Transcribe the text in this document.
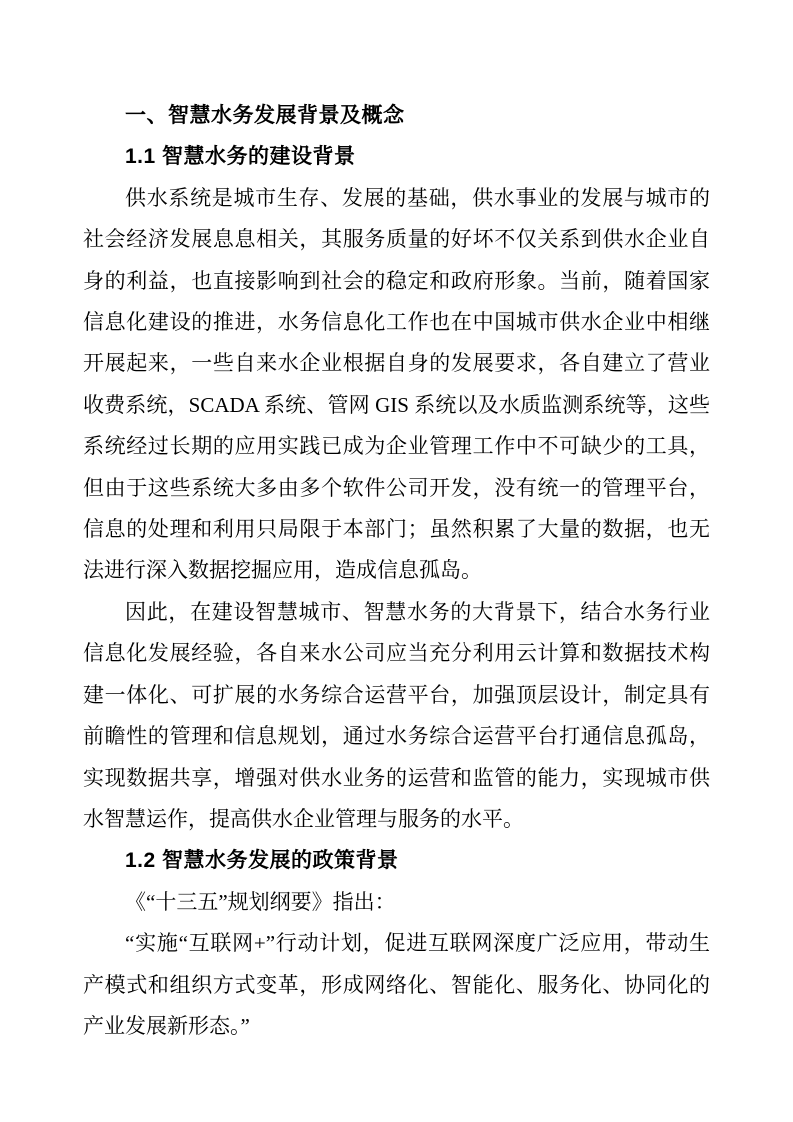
一、智慧水务发展背景及概念
1.1 智慧水务的建设背景

供水系统是城市生存、发展的基础，供水事业的发展与城市的社会经济发展息息相关，其服务质量的好坏不仅关系到供水企业自身的利益，也直接影响到社会的稳定和政府形象。当前，随着国家信息化建设的推进，水务信息化工作也在中国城市供水企业中相继开展起来，一些自来水企业根据自身的发展要求，各自建立了营业收费系统，SCADA 系统、管网 GIS 系统以及水质监测系统等，这些系统经过长期的应用实践已成为企业管理工作中不可缺少的工具，但由于这些系统大多由多个软件公司开发，没有统一的管理平台，信息的处理和利用只局限于本部门；虽然积累了大量的数据，也无法进行深入数据挖掘应用，造成信息孤岛。

因此，在建设智慧城市、智慧水务的大背景下，结合水务行业信息化发展经验，各自来水公司应当充分利用云计算和数据技术构建一体化、可扩展的水务综合运营平台，加强顶层设计，制定具有前瞻性的管理和信息规划，通过水务综合运营平台打通信息孤岛，实现数据共享，增强对供水业务的运营和监管的能力，实现城市供水智慧运作，提高供水企业管理与服务的水平。

1.2 智慧水务发展的政策背景

《“十三五”规划纲要》指出：

“实施“互联网+”行动计划，促进互联网深度广泛应用，带动生产模式和组织方式变革，形成网络化、智能化、服务化、协同化的产业发展新形态。”
